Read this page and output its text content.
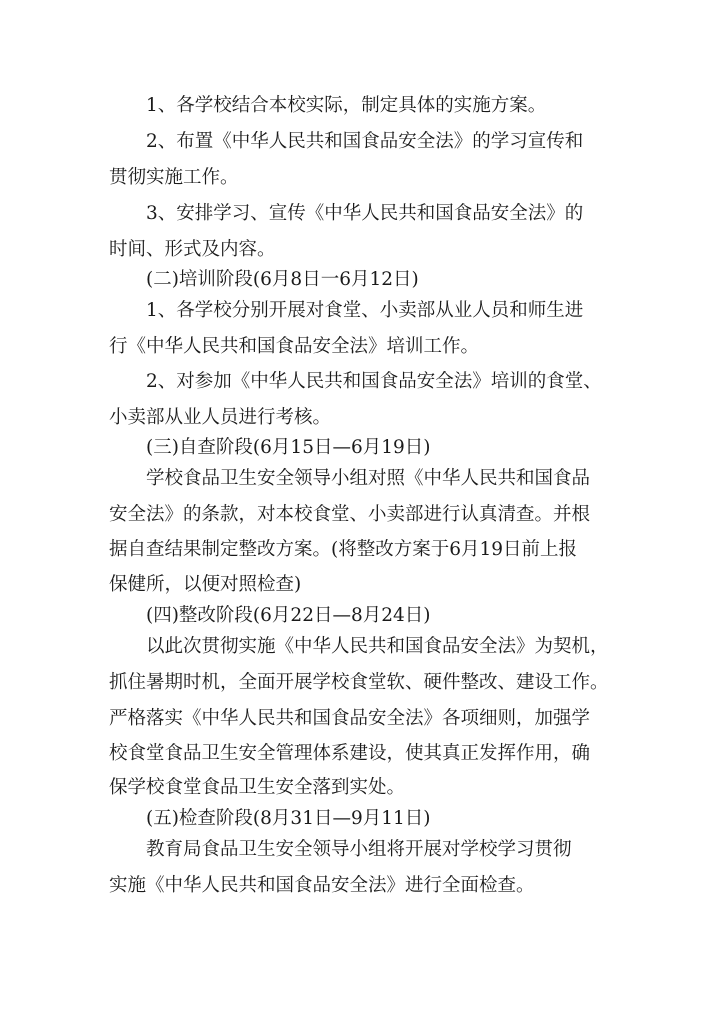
1、各学校结合本校实际，制定具体的实施方案。

2、布置《中华人民共和国食品安全法》的学习宣传和

贯彻实施工作。

3、安排学习、宣传《中华人民共和国食品安全法》的

时间、形式及内容。

(二)培训阶段(6月8日一6月12日)

1、各学校分别开展对食堂、小卖部从业人员和师生进

行《中华人民共和国食品安全法》培训工作。

2、对参加《中华人民共和国食品安全法》培训的食堂、

小卖部从业人员进行考核。

(三)自查阶段(6月15日—6月19日)

学校食品卫生安全领导小组对照《中华人民共和国食品

安全法》的条款，对本校食堂、小卖部进行认真清查。并根

据自查结果制定整改方案。(将整改方案于6月19日前上报

保健所，以便对照检查)

(四)整改阶段(6月22日—8月24日)

以此次贯彻实施《中华人民共和国食品安全法》为契机，

抓住暑期时机，全面开展学校食堂软、硬件整改、建设工作。

严格落实《中华人民共和国食品安全法》各项细则，加强学

校食堂食品卫生安全管理体系建设，使其真正发挥作用，确

保学校食堂食品卫生安全落到实处。

(五)检查阶段(8月31日—9月11日)

教育局食品卫生安全领导小组将开展对学校学习贯彻

实施《中华人民共和国食品安全法》进行全面检查。
